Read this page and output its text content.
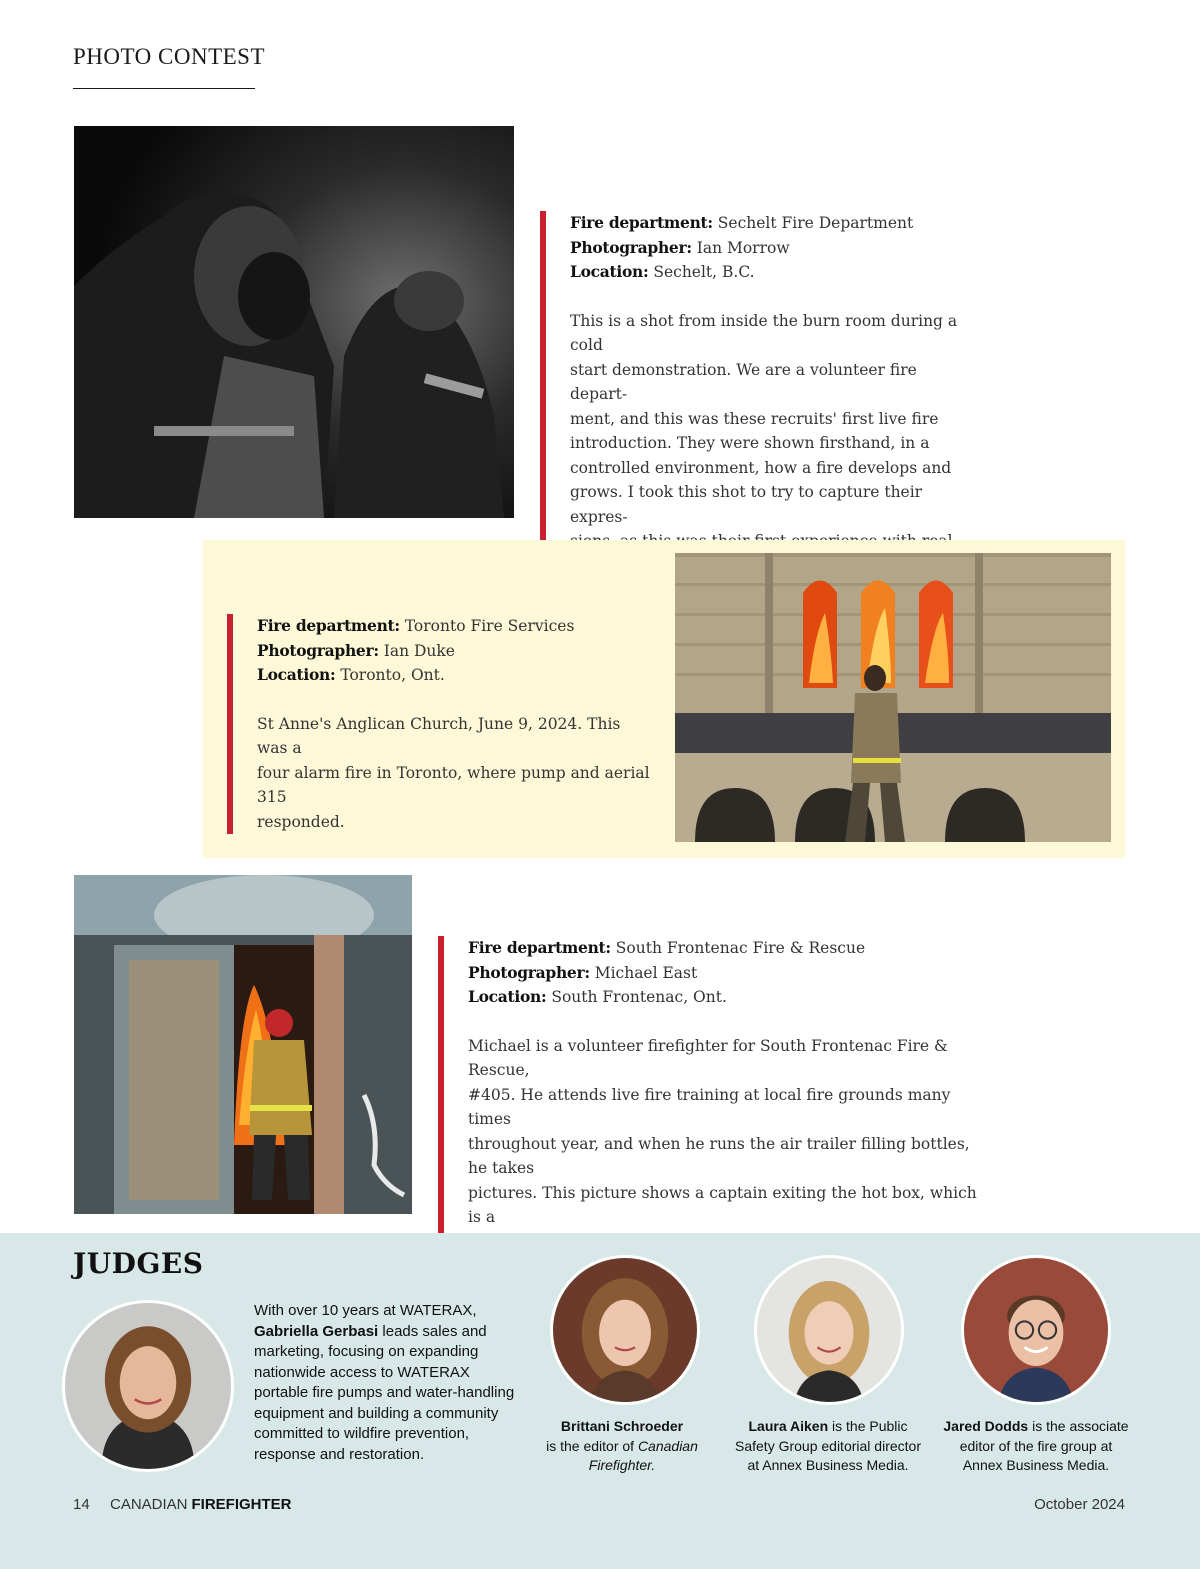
PHOTO CONTEST
Fire department: Sechelt Fire Department
Photographer: Ian Morrow
Location: Sechelt, B.C.

This is a shot from inside the burn room during a cold

start demonstration. We are a volunteer fire depart-

ment, and this was these recruits' first live fire

introduction. They were shown firsthand, in a

controlled environment, how a fire develops and

grows. I took this shot to try to capture their expres-

Fire department: Toronto Fire Services
Photographer: Ian Duke
Location: Toronto, Ont.

St Anne's Anglican Church, June 9, 2024. This was a

four alarm fire in Toronto, where pump and aerial 315

responded.

Fire department: South Frontenac Fire & Rescue
Photographer: Michael East
Location: South Frontenac, Ont.

Michael is a volunteer firefighter for South Frontenac Fire & Rescue,

#405. He attends live fire training at local fire grounds many times

throughout year, and when he runs the air trailer filling bottles, he takes

pictures. This picture shows a captain exiting the hot box, which is a

JUDGES
With over 10 years at WATERAX, Gabriella Gerbasi leads sales and marketing, focusing on expanding nationwide access to WATERAX portable fire pumps and water-handling equipment and building a community committed to wildfire prevention, response and restoration.
Brittani Schroeder
is the editor of Canadian Firefighter.
Laura Aiken is the Public Safety Group editorial director at Annex Business Media.
Jared Dodds is the associate editor of the fire group at Annex Business Media.
14 CANADIAN FIREFIGHTER	October 2024
